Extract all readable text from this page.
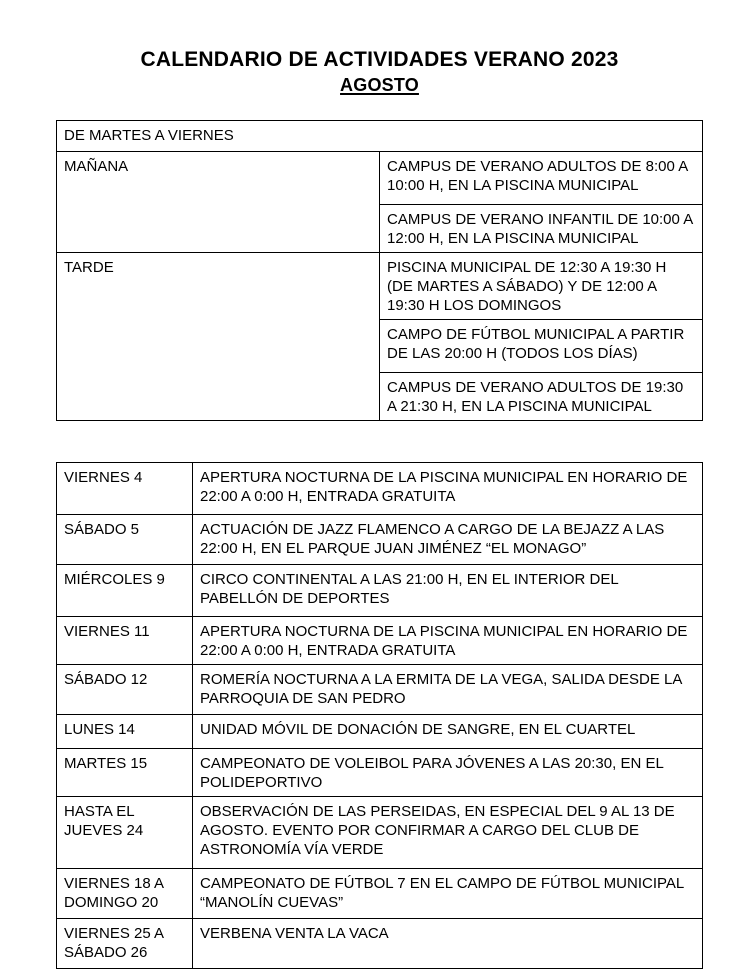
CALENDARIO DE ACTIVIDADES VERANO 2023
AGOSTO
DE MARTES A VIERNES	
MAÑANA	CAMPUS DE VERANO ADULTOS DE 8:00 A 10:00 H, EN LA PISCINA MUNICIPAL
	CAMPUS DE VERANO INFANTIL DE 10:00 A 12:00 H, EN LA PISCINA MUNICIPAL
TARDE	PISCINA MUNICIPAL DE 12:30 A 19:30 H (DE MARTES A SÁBADO) Y DE 12:00 A 19:30 H LOS DOMINGOS
	CAMPO DE FÚTBOL MUNICIPAL A PARTIR DE LAS 20:00 H (TODOS LOS DÍAS)
	CAMPUS DE VERANO ADULTOS DE 19:30 A 21:30 H, EN LA PISCINA MUNICIPAL
VIERNES 4	APERTURA NOCTURNA DE LA PISCINA MUNICIPAL EN HORARIO DE 22:00 A 0:00 H, ENTRADA GRATUITA
SÁBADO 5	ACTUACIÓN DE JAZZ FLAMENCO A CARGO DE LA BEJAZZ A LAS 22:00 H, EN EL PARQUE JUAN JIMÉNEZ “EL MONAGO”
MIÉRCOLES 9	CIRCO CONTINENTAL A LAS 21:00 H, EN EL INTERIOR DEL PABELLÓN DE DEPORTES
VIERNES 11	APERTURA NOCTURNA DE LA PISCINA MUNICIPAL EN HORARIO DE 22:00 A 0:00 H, ENTRADA GRATUITA
SÁBADO 12	ROMERÍA NOCTURNA A LA ERMITA DE LA VEGA, SALIDA DESDE LA PARROQUIA DE SAN PEDRO
LUNES 14	UNIDAD MÓVIL DE DONACIÓN DE SANGRE, EN EL CUARTEL
MARTES 15	CAMPEONATO DE VOLEIBOL PARA JÓVENES A LAS 20:30, EN EL POLIDEPORTIVO
HASTA EL JUEVES 24	OBSERVACIÓN DE LAS PERSEIDAS, EN ESPECIAL DEL 9 AL 13 DE AGOSTO. EVENTO POR CONFIRMAR A CARGO DEL CLUB DE ASTRONOMÍA VÍA VERDE
VIERNES 18 A DOMINGO 20	CAMPEONATO DE FÚTBOL 7 EN EL CAMPO DE FÚTBOL MUNICIPAL “MANOLÍN CUEVAS”
VIERNES 25 A SÁBADO 26	VERBENA VENTA LA VACA
